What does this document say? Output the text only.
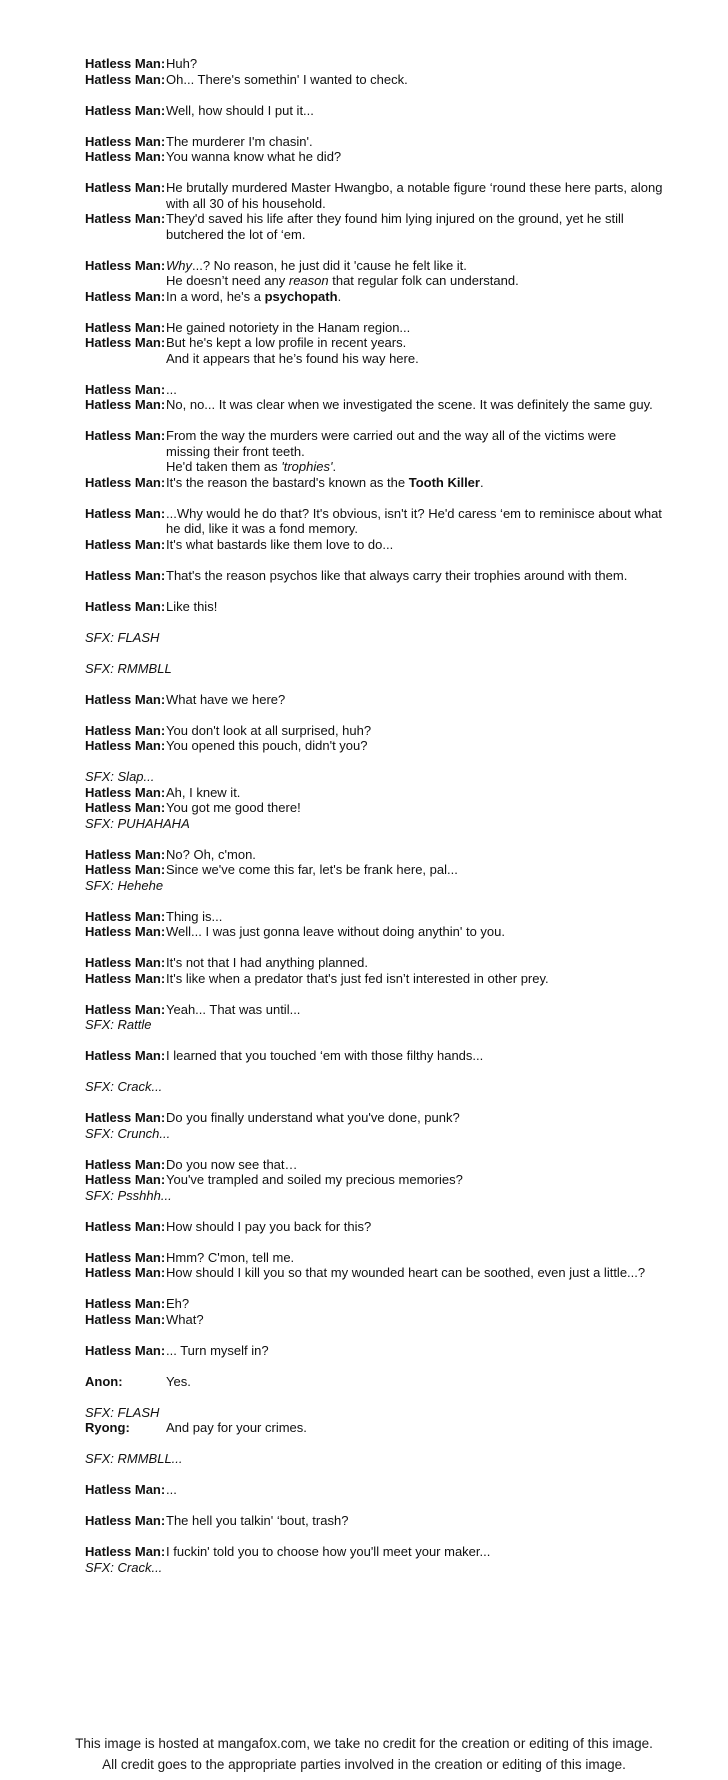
Hatless Man: Huh?
Hatless Man: Oh... There's somethin' I wanted to check.
Hatless Man: Well, how should I put it...
Hatless Man: The murderer I'm chasin'.
Hatless Man: You wanna know what he did?
Hatless Man: He brutally murdered Master Hwangbo, a notable figure ‘round these here parts, along with all 30 of his household.
Hatless Man: They'd saved his life after they found him lying injured on the ground, yet he still butchered the lot of ‘em.
Hatless Man: Why...? No reason, he just did it 'cause he felt like it.
He doesn’t need any reason that regular folk can understand.
Hatless Man: In a word, he's a psychopath.
Hatless Man: He gained notoriety in the Hanam region...
Hatless Man: But he's kept a low profile in recent years.
And it appears that he’s found his way here.
Hatless Man: ...
Hatless Man: No, no... It was clear when we investigated the scene. It was definitely the same guy.
Hatless Man: From the way the murders were carried out and the way all of the victims were missing their front teeth.
He'd taken them as 'trophies'.
Hatless Man: It's the reason the bastard's known as the Tooth Killer.
Hatless Man: ...Why would he do that? It's obvious, isn't it? He'd caress ‘em to reminisce about what he did, like it was a fond memory.
Hatless Man: It's what bastards like them love to do...
Hatless Man: That's the reason psychos like that always carry their trophies around with them.
Hatless Man: Like this!
SFX: FLASH
SFX: RMMBLL
Hatless Man: What have we here?
Hatless Man: You don't look at all surprised, huh?
Hatless Man: You opened this pouch, didn't you?
SFX: Slap...
Hatless Man: Ah, I knew it.
Hatless Man: You got me good there!
SFX: PUHAHAHA
Hatless Man: No? Oh, c'mon.
Hatless Man: Since we've come this far, let's be frank here, pal...
SFX: Hehehe
Hatless Man: Thing is...
Hatless Man: Well... I was just gonna leave without doing anythin' to you.
Hatless Man: It's not that I had anything planned.
Hatless Man: It's like when a predator that's just fed isn’t interested in other prey.
Hatless Man: Yeah... That was until...
SFX: Rattle
Hatless Man: I learned that you touched ‘em with those filthy hands...
SFX: Crack...
Hatless Man: Do you finally understand what you've done, punk?
SFX: Crunch...
Hatless Man: Do you now see that…
Hatless Man: You've trampled and soiled my precious memories?
SFX: Psshhh...
Hatless Man: How should I pay you back for this?
Hatless Man: Hmm? C'mon, tell me.
Hatless Man: How should I kill you so that my wounded heart can be soothed, even just a little...?
Hatless Man: Eh?
Hatless Man: What?
Hatless Man: ... Turn myself in?
Anon:	Yes.
SFX: FLASH
Ryong:	And pay for your crimes.
SFX: RMMBLL...
Hatless Man: ...
Hatless Man: The hell you talkin' ‘bout, trash?
Hatless Man: I fuckin' told you to choose how you'll meet your maker...
SFX: Crack...
This image is hosted at mangafox.com, we take no credit for the creation or editing of this image.
All credit goes to the appropriate parties involved in the creation or editing of this image.
